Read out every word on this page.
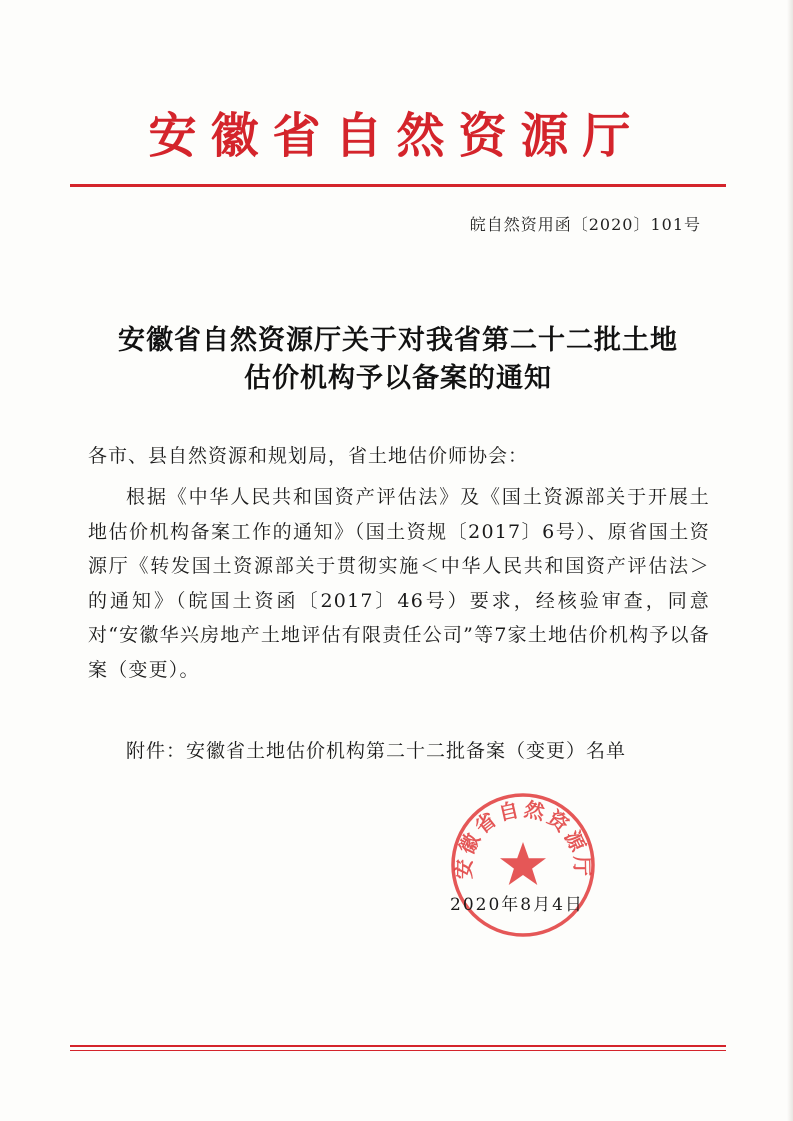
安徽省自然资源厅
皖自然资用函〔2020〕101号
安徽省自然资源厅关于对我省第二十二批土地
估价机构予以备案的通知
各市、县自然资源和规划局，省土地估价师协会：

根据《中华人民共和国资产评估法》及《国土资源部关于开展土地估价机构备案工作的通知》（国土资规〔2017〕6号）、原省国土资源厅《转发国土资源部关于贯彻实施＜中华人民共和国资产评估法＞的通知》（皖国土资函〔2017〕46号）要求，经核验审查，同意对“安徽华兴房地产土地评估有限责任公司”等7家土地估价机构予以备案（变更）。

附件：安徽省土地估价机构第二十二批备案（变更）名单
安徽省自然资源厅
2020年8月4日
